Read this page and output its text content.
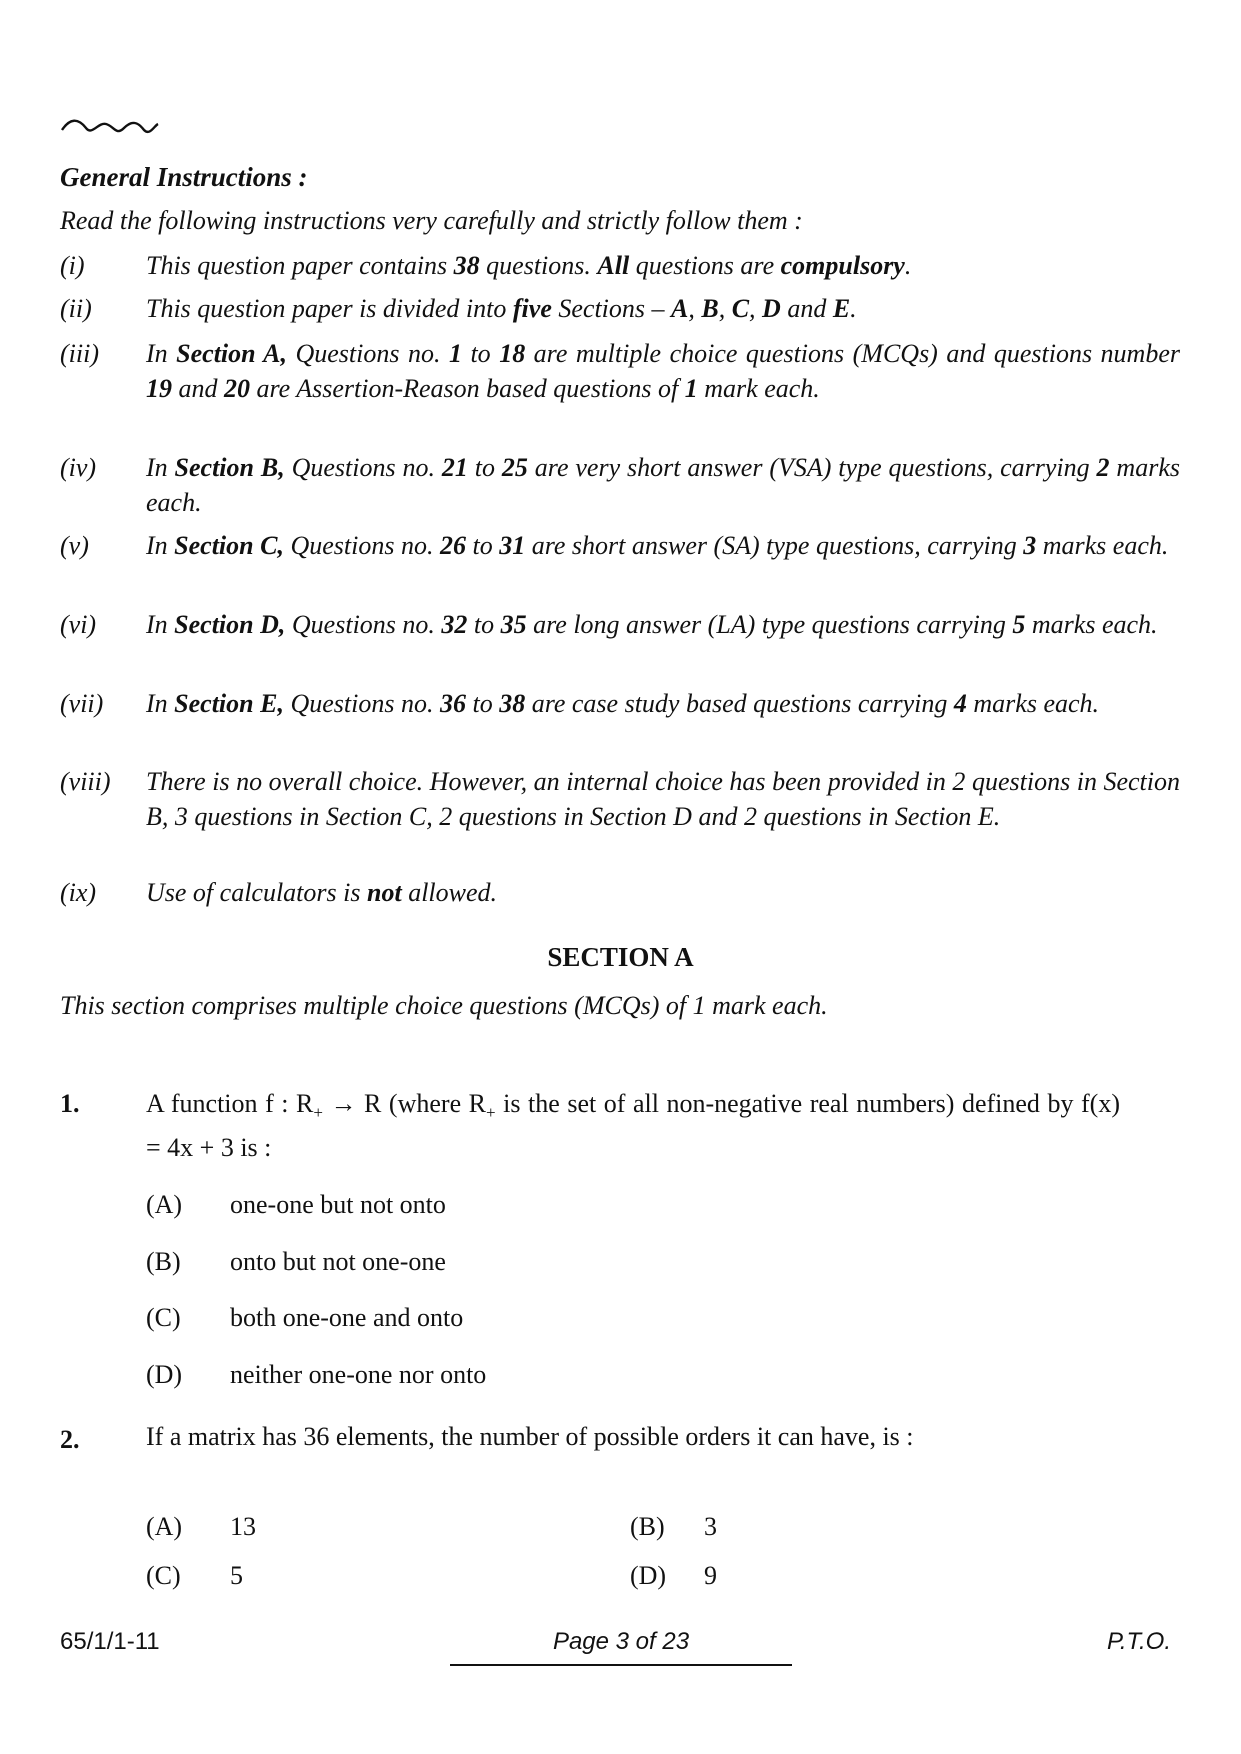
General Instructions :
Read the following instructions very carefully and strictly follow them :
(i) This question paper contains 38 questions. All questions are compulsory.
(ii) This question paper is divided into five Sections – A, B, C, D and E.
(iii) In Section A, Questions no. 1 to 18 are multiple choice questions (MCQs) and questions number 19 and 20 are Assertion-Reason based questions of 1 mark each.
(iv) In Section B, Questions no. 21 to 25 are very short answer (VSA) type questions, carrying 2 marks each.
(v) In Section C, Questions no. 26 to 31 are short answer (SA) type questions, carrying 3 marks each.
(vi) In Section D, Questions no. 32 to 35 are long answer (LA) type questions carrying 5 marks each.
(vii) In Section E, Questions no. 36 to 38 are case study based questions carrying 4 marks each.
(viii) There is no overall choice. However, an internal choice has been provided in 2 questions in Section B, 3 questions in Section C, 2 questions in Section D and 2 questions in Section E.
(ix) Use of calculators is not allowed.
SECTION A
This section comprises multiple choice questions (MCQs) of 1 mark each.
1.	A function f : $R_+ \to R$ (where $R_+$ is the set of all non-negative real numbers) defined by f(x) = 4x + 3 is :
(A) one-one but not onto
(B) onto but not one-one
(C) both one-one and onto
(D) neither one-one nor onto
2.	If a matrix has 36 elements, the number of possible orders it can have, is :
(A) 13	(B) 3
(C) 5	(D) 9
65/1/1-11	Page 3 of 23	P.T.O.
